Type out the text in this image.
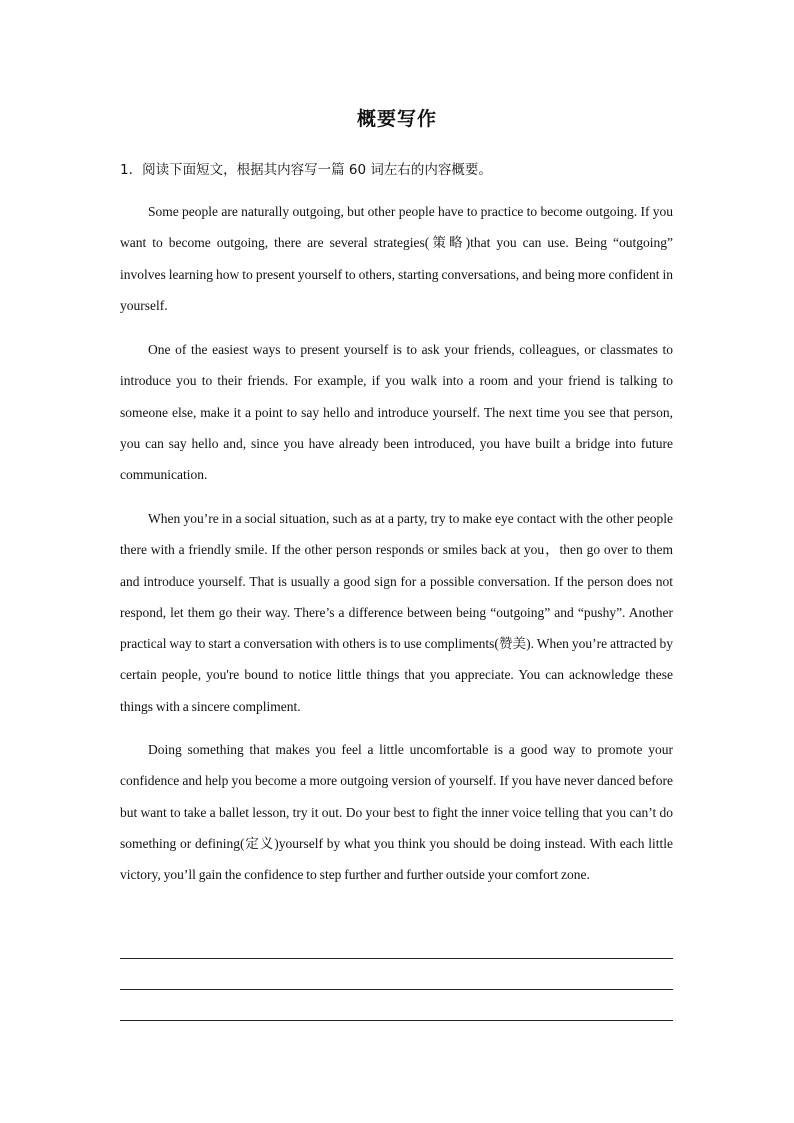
概要写作
1．阅读下面短文，根据其内容写一篇 60 词左右的内容概要。

Some people are naturally outgoing, but other people have to practice to become outgoing. If you want to become outgoing, there are several strategies(策略)that you can use. Being “outgoing” involves learning how to present yourself to others, starting conversations, and being more confident in yourself.

One of the easiest ways to present yourself is to ask your friends, colleagues, or classmates to introduce you to their friends. For example, if you walk into a room and your friend is talking to someone else, make it a point to say hello and introduce yourself. The next time you see that person, you can say hello and, since you have already been introduced, you have built a bridge into future communication.

When you’re in a social situation, such as at a party, try to make eye contact with the other people there with a friendly smile. If the other person responds or smiles back at you，then go over to them and introduce yourself. That is usually a good sign for a possible conversation. If the person does not respond, let them go their way. There’s a difference between being “outgoing” and “pushy”. Another practical way to start a conversation with others is to use compliments(赞美). When you’re attracted by certain people, you're bound to notice little things that you appreciate. You can acknowledge these things with a sincere compliment.

Doing something that makes you feel a little uncomfortable is a good way to promote your confidence and help you become a more outgoing version of yourself. If you have never danced before but want to take a ballet lesson, try it out. Do your best to fight the inner voice telling that you can’t do something or defining(定义)yourself by what you think you should be doing instead. With each little victory, you’ll gain the confidence to step further and further outside your comfort zone.
